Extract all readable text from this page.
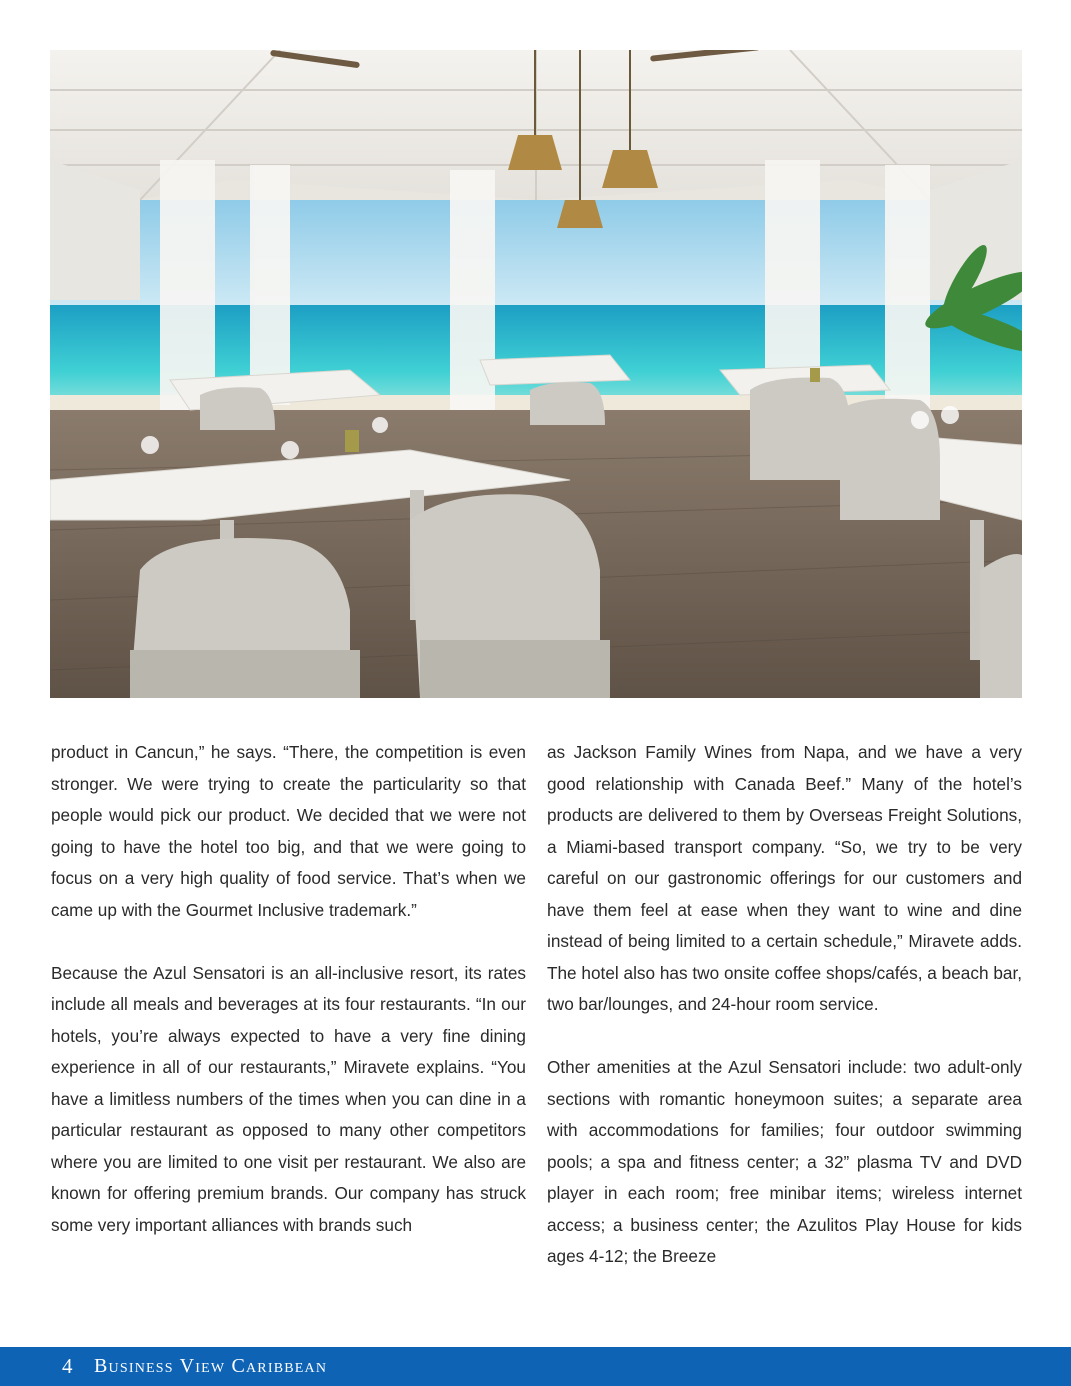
product in Cancun,” he says. “There, the competition is even stronger. We were trying to create the particularity so that people would pick our product. We decided that we were not going to have the hotel too big, and that we were going to focus on a very high quality of food service. That’s when we came up with the Gourmet Inclusive trademark.”

Because the Azul Sensatori is an all-inclusive resort, its rates include all meals and beverages at its four restaurants. “In our hotels, you’re always expected to have a very fine dining experience in all of our restaurants,” Miravete explains. “You have a limitless numbers of the times when you can dine in a particular restaurant as opposed to many other competitors where you are limited to one visit per restaurant. We also are known for offering premium brands. Our company has struck some very important alliances with brands such

as Jackson Family Wines from Napa, and we have a very good relationship with Canada Beef.” Many of the hotel’s products are delivered to them by Overseas Freight Solutions, a Miami-based transport company. “So, we try to be very careful on our gastronomic offerings for our customers and have them feel at ease when they want to wine and dine instead of being limited to a certain schedule,” Miravete adds. The hotel also has two onsite coffee shops/cafés, a beach bar, two bar/lounges, and 24-hour room service.

Other amenities at the Azul Sensatori include: two adult-only sections with romantic honeymoon suites; a separate area with accommodations for families; four outdoor swimming pools; a spa and fitness center; a 32” plasma TV and DVD player in each room; free minibar items; wireless internet access; a business center; the Azulitos Play House for kids ages 4-12; the Breeze

4 Business View Caribbean
